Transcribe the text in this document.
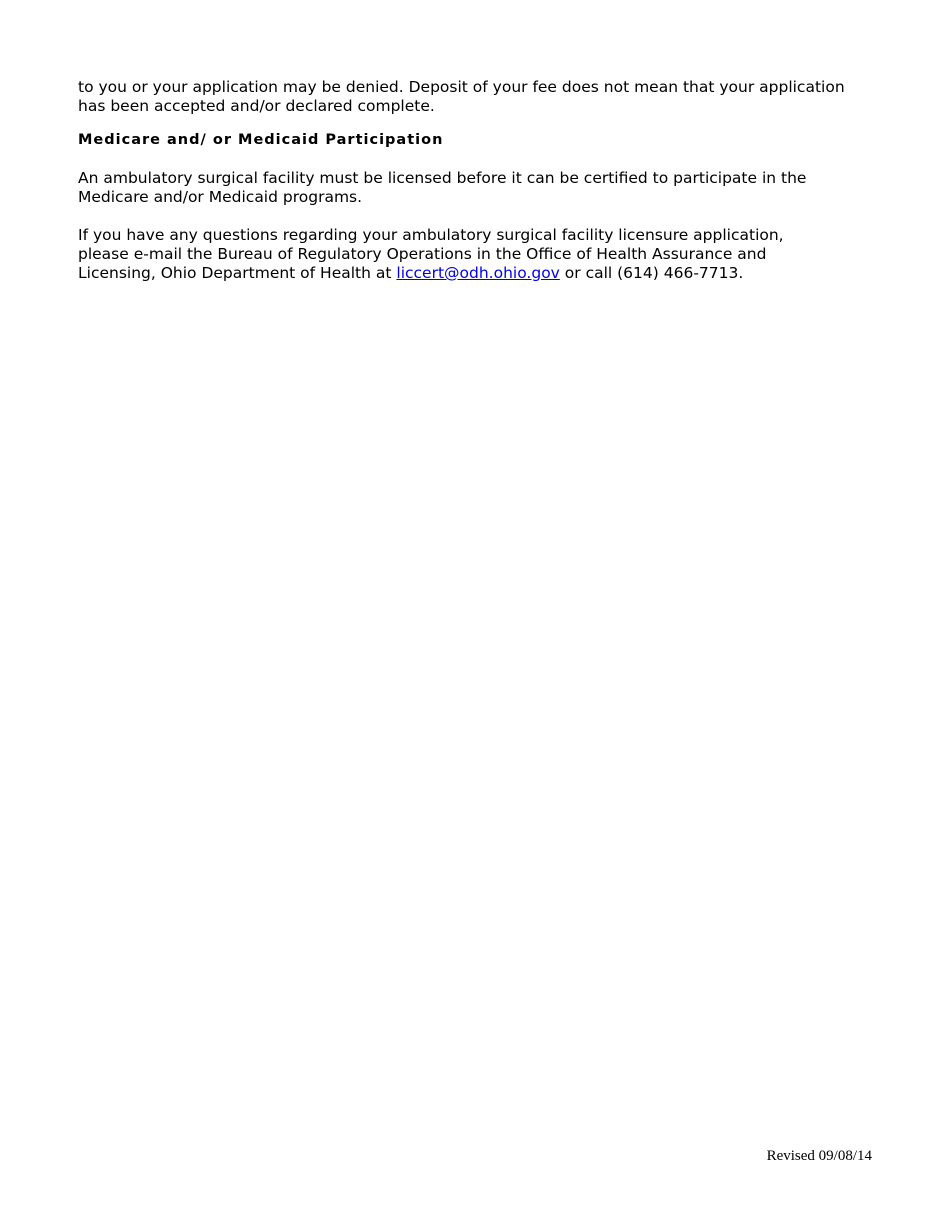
to you or your application may be denied. Deposit of your fee does not mean that your application
has been accepted and/or declared complete.

Medicare and/ or Medicaid Participation

An ambulatory surgical facility must be licensed before it can be certified to participate in the
Medicare and/or Medicaid programs.

If you have any questions regarding your ambulatory surgical facility licensure application,
please e-mail the Bureau of Regulatory Operations in the Office of Health Assurance and
Licensing, Ohio Department of Health at liccert@odh.ohio.gov or call (614) 466-7713.

Revised 09/08/14
